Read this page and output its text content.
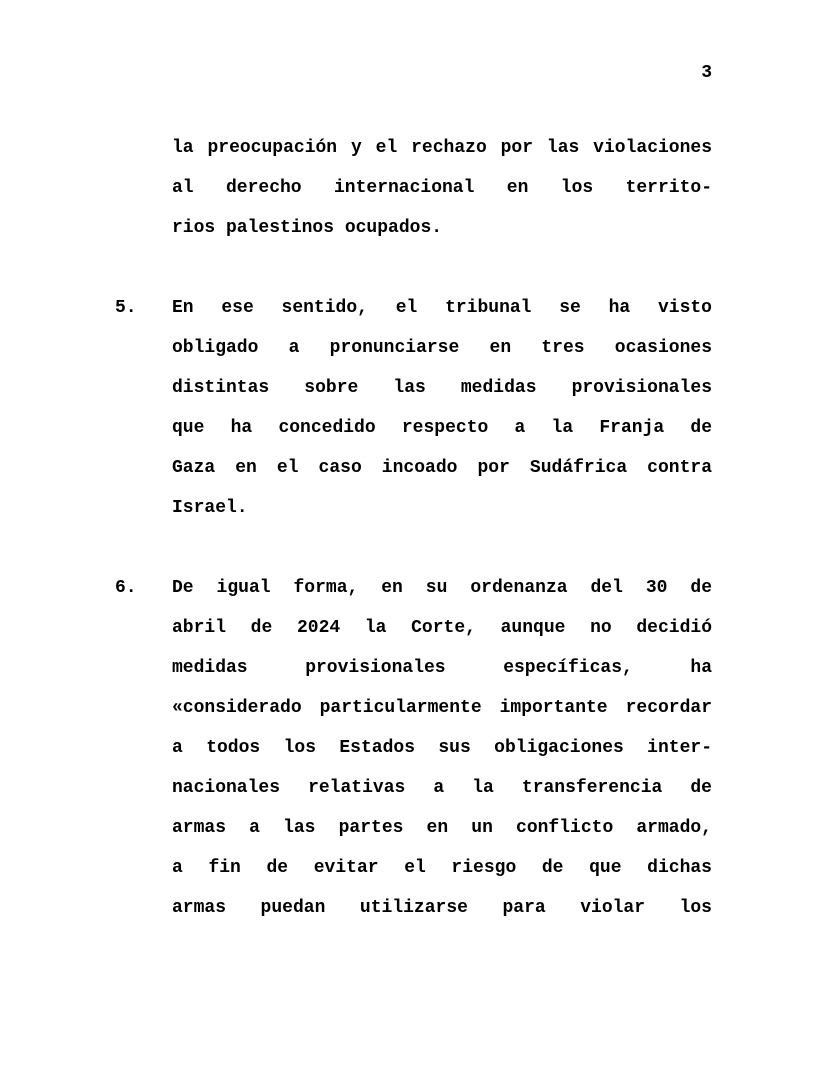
3
la preocupación y el rechazo por las violaciones
al derecho internacional en los territo-
rios palestinos ocupados.
5.	En ese sentido, el tribunal se ha visto
obligado a pronunciarse en tres ocasiones
distintas sobre las medidas provisionales
que ha concedido respecto a la Franja de
Gaza en el caso incoado por Sudáfrica contra
Israel.
6.	De igual forma, en su ordenanza del 30 de
abril de 2024 la Corte, aunque no decidió
medidas provisionales específicas, ha
«considerado particularmente importante recordar
a todos los Estados sus obligaciones inter-
nacionales relativas a la transferencia de
armas a las partes en un conflicto armado,
a fin de evitar el riesgo de que dichas
armas puedan utilizarse para violar los
